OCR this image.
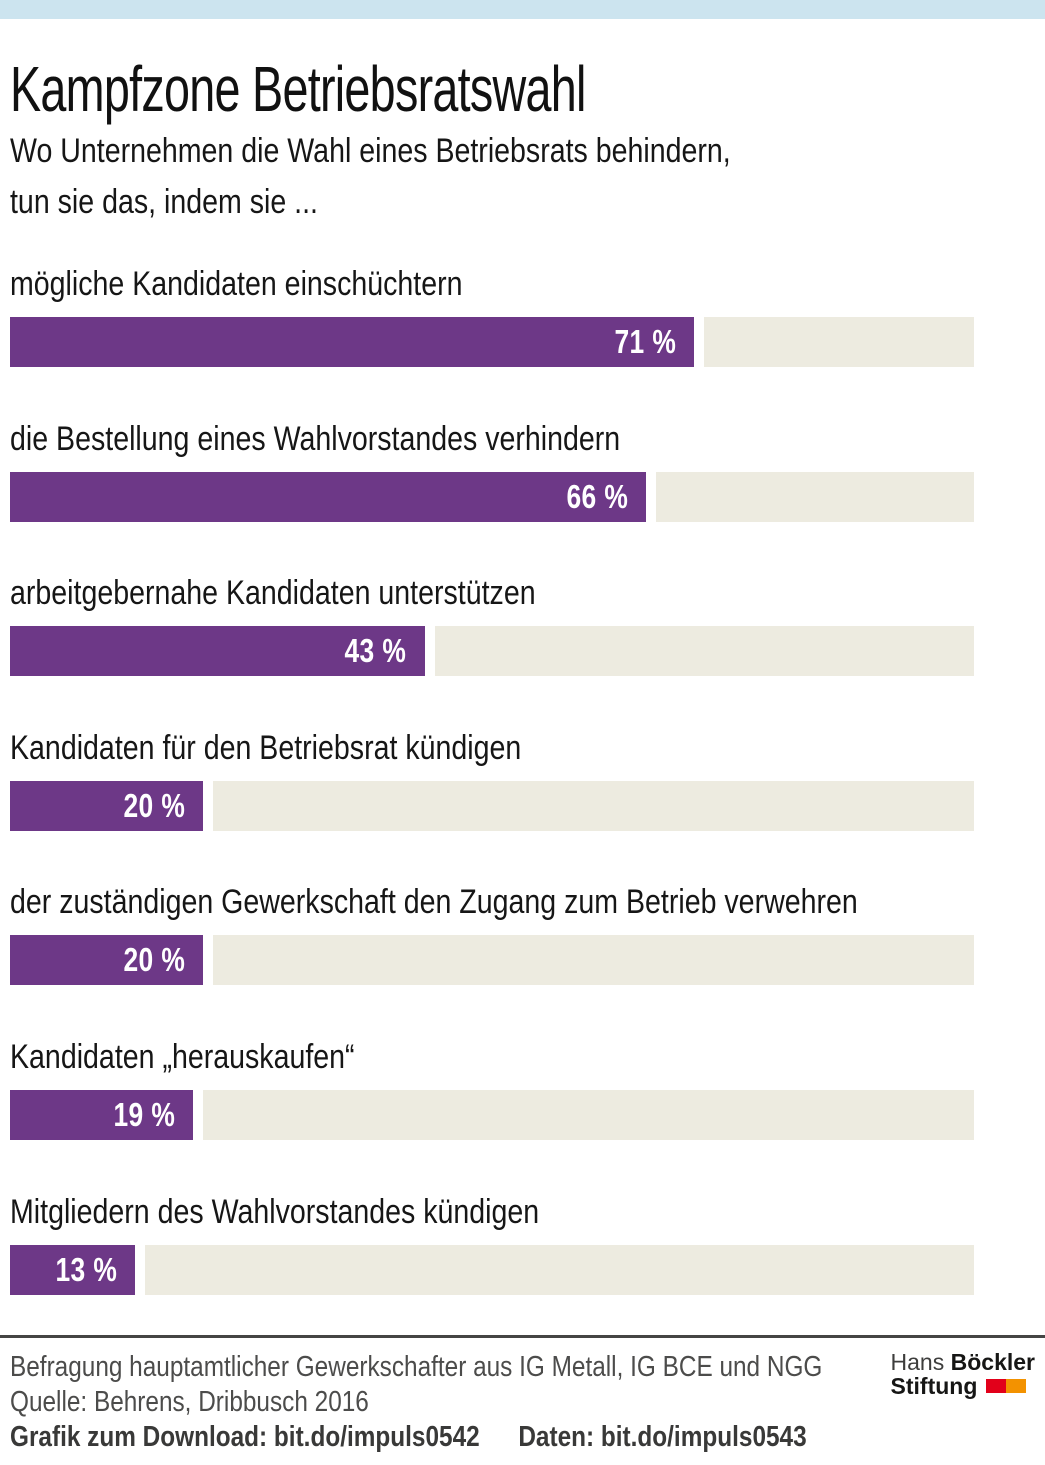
Kampfzone Betriebsratswahl
Wo Unternehmen die Wahl eines Betriebsrats behindern,
tun sie das, indem sie ...
mögliche Kandidaten einschüchtern
71 %
die Bestellung eines Wahlvorstandes verhindern
66 %
arbeitgebernahe Kandidaten unterstützen
43 %
Kandidaten für den Betriebsrat kündigen
20 %
der zuständigen Gewerkschaft den Zugang zum Betrieb verwehren
20 %
Kandidaten „herauskaufen“
19 %
Mitgliedern des Wahlvorstandes kündigen
13 %
Befragung hauptamtlicher Gewerkschafter aus IG Metall, IG BCE und NGG
Quelle: Behrens, Dribbusch 2016
Grafik zum Download: bit.do/impuls0542 Daten: bit.do/impuls0543
Hans Böckler
Stiftung
